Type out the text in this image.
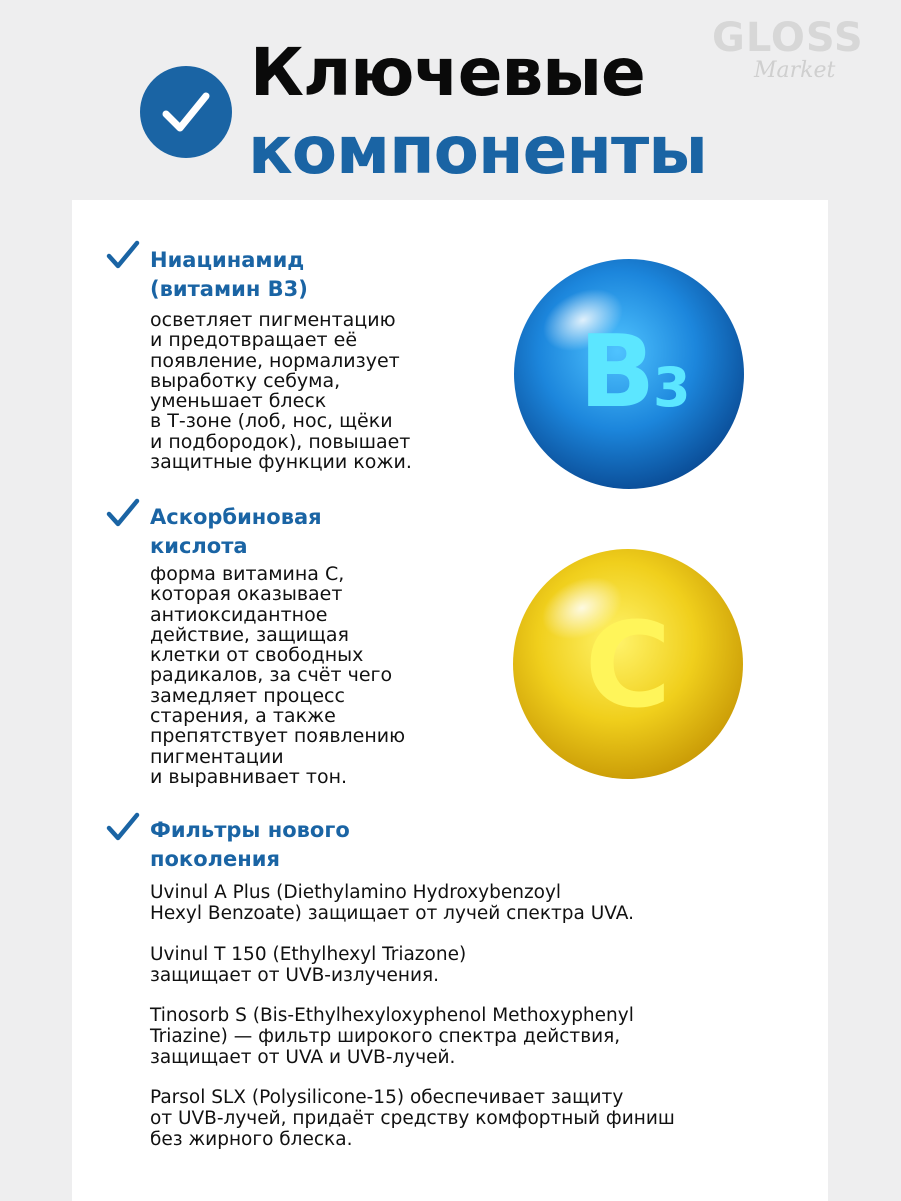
Ключевые
компоненты
GLOSS
Market
Ниацинамид
(витамин В3)
осветляет пигментацию
и предотвращает её
появление, нормализует
выработку себума,
уменьшает блеск
в Т-зоне (лоб, нос, щёки
и подбородок), повышает
защитные функции кожи.
B
3
Аскорбиновая
кислота
форма витамина С,
которая оказывает
антиоксидантное
действие, защищая
клетки от свободных
радикалов, за счёт чего
замедляет процесс
старения, а также
препятствует появлению
пигментации
и выравнивает тон.
C
Фильтры нового
поколения
Uvinul A Plus (Diethylamino Hydroxybenzoyl
Hexyl Benzoate) защищает от лучей спектра UVA.
Uvinul T 150 (Ethylhexyl Triazone)
защищает от UVB-излучения.
Tinosorb S (Bis-Ethylhexyloxyphenol Methoxyphenyl
Triazine) — фильтр широкого спектра действия,
защищает от UVA и UVB-лучей.
Parsol SLX (Polysilicone-15) обеспечивает защиту
от UVB-лучей, придаёт средству комфортный финиш
без жирного блеска.
